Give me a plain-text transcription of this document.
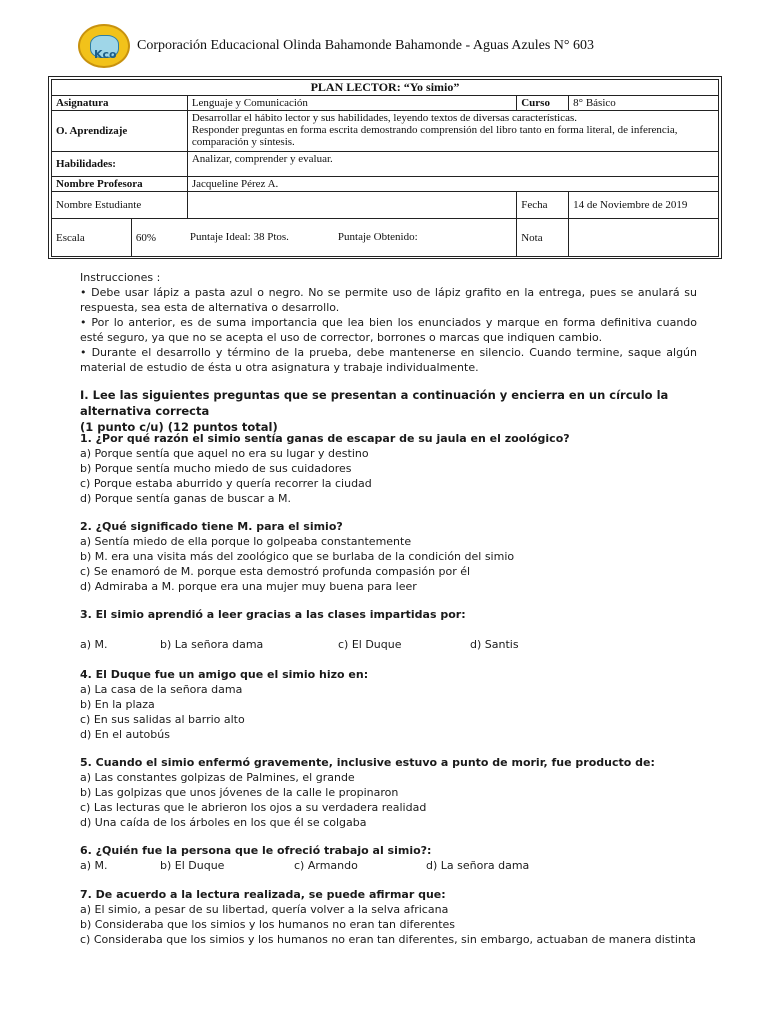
Kco
Corporación Educacional Olinda Bahamonde Bahamonde - Aguas Azules N° 603
PLAN LECTOR: “Yo simio”				
Asignatura		Lenguaje y Comunicación	Curso	8° Básico
O. Aprendizaje		Desarrollar el hábito lector y sus habilidades, leyendo textos de diversas características.
Responder preguntas en forma escrita demostrando comprensión del libro tanto en forma literal, de inferencia, comparación y síntesis.		

Habilidades:		Analizar, comprender y evaluar.		
Nombre Profesora		Jacqueline Pérez A.		
Nombre Estudiante			Fecha	14 de Noviembre de 2019
Escala	60% Puntaje Ideal: 38 Ptos. Puntaje Obtenido:		Nota	

Instrucciones :

• Debe usar lápiz a pasta azul o negro. No se permite uso de lápiz grafito en la entrega, pues se anulará su respuesta, sea esta de alternativa o desarrollo.

• Por lo anterior, es de suma importancia que lea bien los enunciados y marque en forma definitiva cuando esté seguro, ya que no se acepta el uso de corrector, borrones o marcas que indiquen cambio.

• Durante el desarrollo y término de la prueba, debe mantenerse en silencio. Cuando termine, saque algún material de estudio de ésta u otra asignatura y trabaje individualmente.

I. Lee las siguientes preguntas que se presentan a continuación y encierra en un círculo la alternativa correcta
(1 punto c/u) (12 puntos total)
1. ¿Por qué razón el simio sentía ganas de escapar de su jaula en el zoológico?
a) Porque sentía que aquel no era su lugar y destino
b) Porque sentía mucho miedo de sus cuidadores
c) Porque estaba aburrido y quería recorrer la ciudad
d) Porque sentía ganas de buscar a M.
2. ¿Qué significado tiene M. para el simio?
a) Sentía miedo de ella porque lo golpeaba constantemente
b) M. era una visita más del zoológico que se burlaba de la condición del simio
c) Se enamoró de M. porque esta demostró profunda compasión por él
d) Admiraba a M. porque era una mujer muy buena para leer
3. El simio aprendió a leer gracias a las clases impartidas por:
a) M.	b) La señora dama	c) El Duque	d) Santis
4. El Duque fue un amigo que el simio hizo en:
a) La casa de la señora dama
b) En la plaza
c) En sus salidas al barrio alto
d) En el autobús
5. Cuando el simio enfermó gravemente, inclusive estuvo a punto de morir, fue producto de:
a) Las constantes golpizas de Palmines, el grande
b) Las golpizas que unos jóvenes de la calle le propinaron
c) Las lecturas que le abrieron los ojos a su verdadera realidad
d) Una caída de los árboles en los que él se colgaba
6. ¿Quién fue la persona que le ofreció trabajo al simio?:
a) M.	b) El Duque	c) Armando	d) La señora dama
7. De acuerdo a la lectura realizada, se puede afirmar que:
a) El simio, a pesar de su libertad, quería volver a la selva africana
b) Consideraba que los simios y los humanos no eran tan diferentes
c) Consideraba que los simios y los humanos no eran tan diferentes, sin embargo, actuaban de manera distinta
